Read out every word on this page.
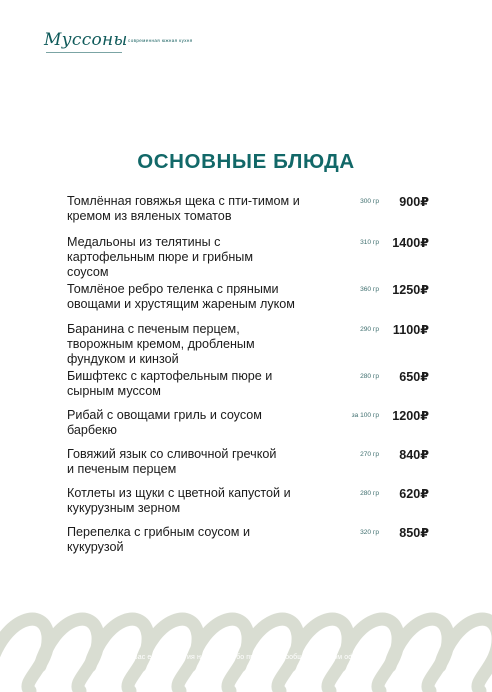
Муссоны современная южная кухня
ОСНОВНЫЕ БЛЮДА
Томлённая говяжья щека с пти-тимом и кремом из вяленых томатов
300 гр 900₽
Медальоны из телятины с картофельным пюре и грибным соусом
310 гр 1400₽
Томлёное ребро теленка с пряными овощами и хрустящим жареным луком
360 гр 1250₽
Баранина с печеным перцем, творожным кремом, дробленым фундуком и кинзой
290 гр 1100₽
Бишфтекс с картофельным пюре и сырным муссом
280 гр 650₽
Рибай с овощами гриль и соусом барбекю
за 100 гр 1200₽
Говяжий язык со сливочной гречкой и печеным перцем
270 гр 840₽
Котлеты из щуки с цветной капустой и кукурузным зерном
280 гр 620₽
Перепелка с грибным соусом и кукурузой
320 гр 850₽
Если у Вас есть аллергия на какие-либо продукты, сообщите об этом официанту!
